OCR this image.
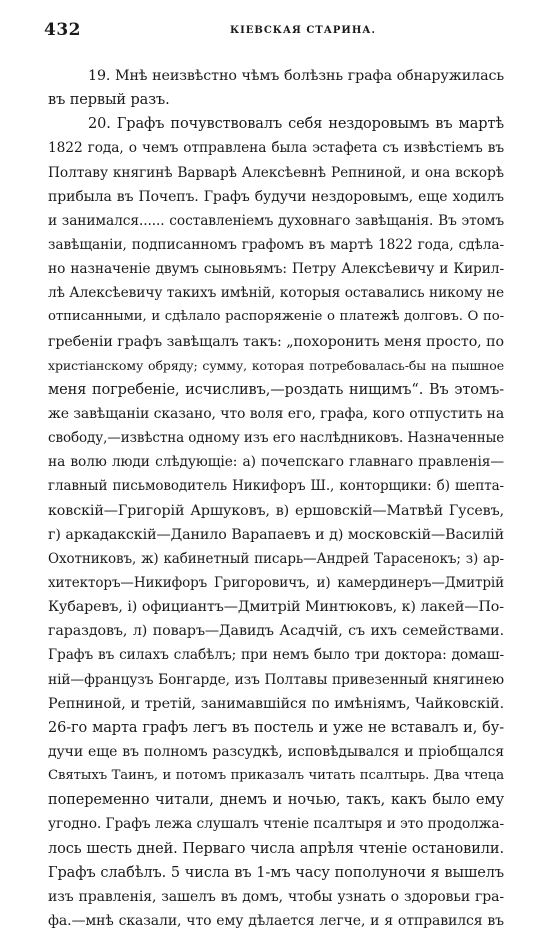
432	КІЕВСКАЯ СТАРИНА.
19. Мнѣ неизвѣстно чѣмъ болѣзнь графа обнаружилась
въ первый разъ.
20. Графъ почувствовалъ себя нездоровымъ въ мартѣ
1822 года, о чемъ отправлена была эстафета съ извѣстіемъ въ
Полтаву княгинѣ Варварѣ Алексѣевнѣ Репниной, и она вскорѣ
прибыла въ Почепъ. Графъ будучи нездоровымъ, еще ходилъ
и занимался...... составленіемъ духовнаго завѣщанія. Въ этомъ
завѣщаніи, подписанномъ графомъ въ мартѣ 1822 года, сдѣла-
но назначеніе двумъ сыновьямъ: Петру Алексѣевичу и Кирил-
лѣ Алексѣевичу такихъ имѣній, которыя оставались никому не
отписанными, и сдѣлало распоряженіе о платежѣ долговъ. О по-
гребеніи графъ завѣщалъ такъ: „похоронить меня просто, по
христіанскому обряду; сумму, которая потребовалась-бы на пышное
меня погребеніе, исчисливъ,—роздать нищимъ“. Въ этомъ-
же завѣщаніи сказано, что воля его, графа, кого отпустить на
свободу,—извѣстна одному изъ его наслѣдниковъ. Назначенные
на волю люди слѣдующіе: а) почепскаго главнаго правленія—
главный письмоводитель Никифоръ Ш., конторщики: б) шепта-
ковскій—Григорій Аршуковъ, в) ершовскій—Матвѣй Гусевъ,
г) аркадакскій—Данило Варапаевъ и д) московскій—Василій
Охотниковъ, ж) кабинетный писарь—Андрей Тарасенокъ; з) ар-
хитекторъ—Никифоръ Григоровичъ, и) камердинеръ—Дмитрій
Кубаревъ, і) официантъ—Дмитрій Минтюковъ, к) лакей—По-
гараздовъ, л) поваръ—Давидъ Асадчій, съ ихъ семействами.
Графъ въ силахъ слабѣлъ; при немъ было три доктора: домаш-
ній—французъ Бонгарде, изъ Полтавы привезенный княгинею
Репниной, и третій, занимавшійся по имѣніямъ, Чайковскій.
26-го марта графъ легъ въ постель и уже не вставалъ и, бу-
дучи еще въ полномъ разсудкѣ, исповѣдывался и пріобщался
Святыхъ Таинъ, и потомъ приказалъ читать псалтырь. Два чтеца
попеременно читали, днемъ и ночью, такъ, какъ было ему
угодно. Графъ лежа слушалъ чтеніе псалтыря и это продолжа-
лось шесть дней. Перваго числа апрѣля чтеніе остановили.
Графъ слабѣлъ. 5 числа въ 1-мъ часу пополуночи я вышелъ
изъ правленія, зашелъ въ домъ, чтобы узнать о здоровьи гра-
фа.—мнѣ сказали, что ему дѣлается легче, и я отправился въ
